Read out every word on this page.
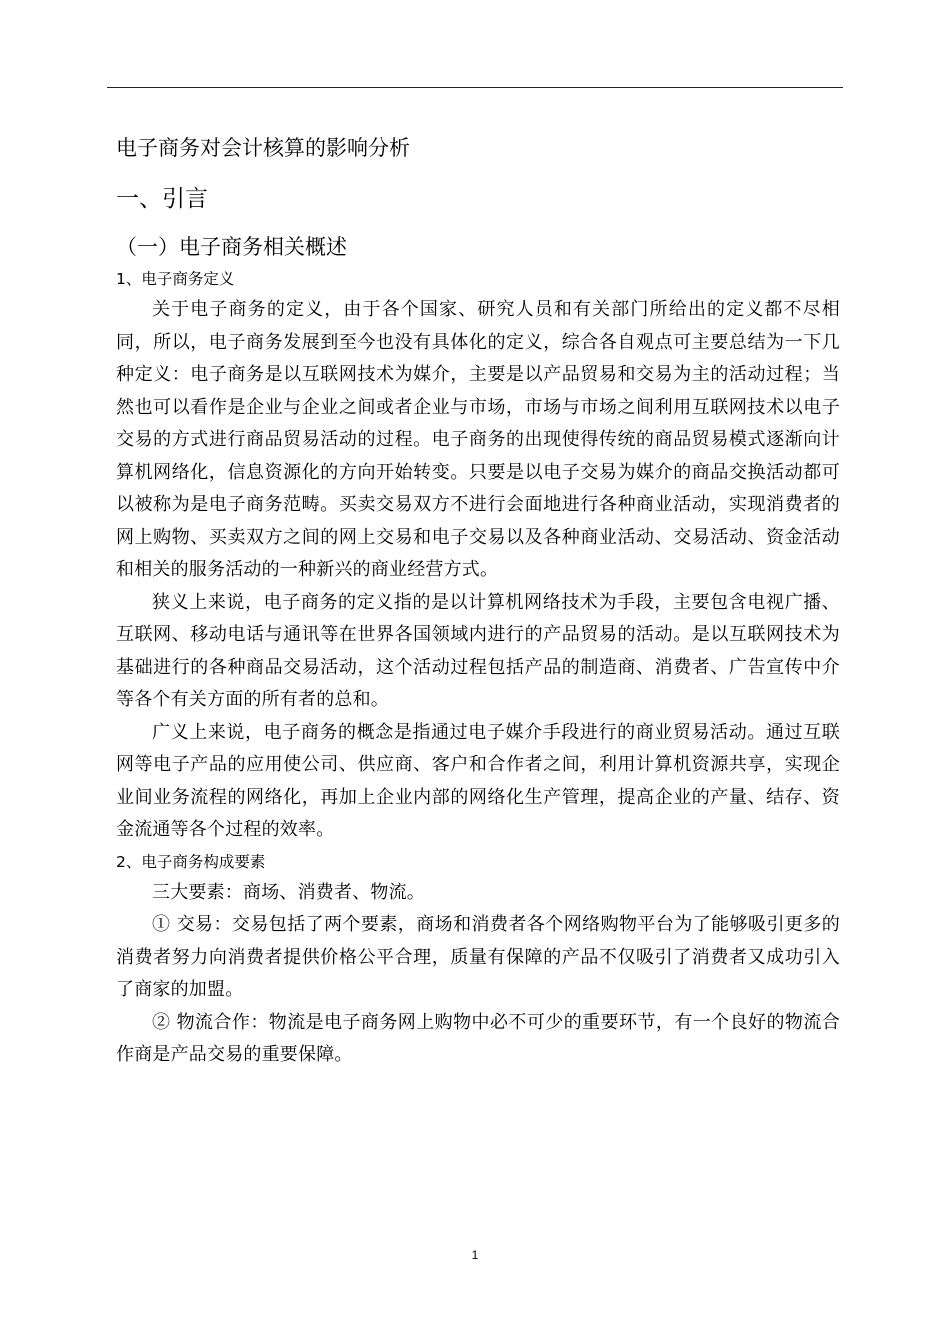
电子商务对会计核算的影响分析
一、引言
（一）电子商务相关概述
1、电子商务定义

关于电子商务的定义，由于各个国家、研究人员和有关部门所给出的定义都不尽相同，所以，电子商务发展到至今也没有具体化的定义，综合各自观点可主要总结为一下几种定义：电子商务是以互联网技术为媒介，主要是以产品贸易和交易为主的活动过程；当然也可以看作是企业与企业之间或者企业与市场，市场与市场之间利用互联网技术以电子交易的方式进行商品贸易活动的过程。电子商务的出现使得传统的商品贸易模式逐渐向计算机网络化，信息资源化的方向开始转变。只要是以电子交易为媒介的商品交换活动都可以被称为是电子商务范畴。买卖交易双方不进行会面地进行各种商业活动，实现消费者的网上购物、买卖双方之间的网上交易和电子交易以及各种商业活动、交易活动、资金活动和相关的服务活动的一种新兴的商业经营方式。

狭义上来说，电子商务的定义指的是以计算机网络技术为手段，主要包含电视广播、互联网、移动电话与通讯等在世界各国领域内进行的产品贸易的活动。是以互联网技术为基础进行的各种商品交易活动，这个活动过程包括产品的制造商、消费者、广告宣传中介等各个有关方面的所有者的总和。

广义上来说，电子商务的概念是指通过电子媒介手段进行的商业贸易活动。通过互联网等电子产品的应用使公司、供应商、客户和合作者之间，利用计算机资源共享，实现企业间业务流程的网络化，再加上企业内部的网络化生产管理，提高企业的产量、结存、资金流通等各个过程的效率。

2、电子商务构成要素

三大要素：商场、消费者、物流。

① 交易：交易包括了两个要素，商场和消费者各个网络购物平台为了能够吸引更多的消费者努力向消费者提供价格公平合理，质量有保障的产品不仅吸引了消费者又成功引入了商家的加盟。

② 物流合作：物流是电子商务网上购物中必不可少的重要环节，有一个良好的物流合作商是产品交易的重要保障。

1
